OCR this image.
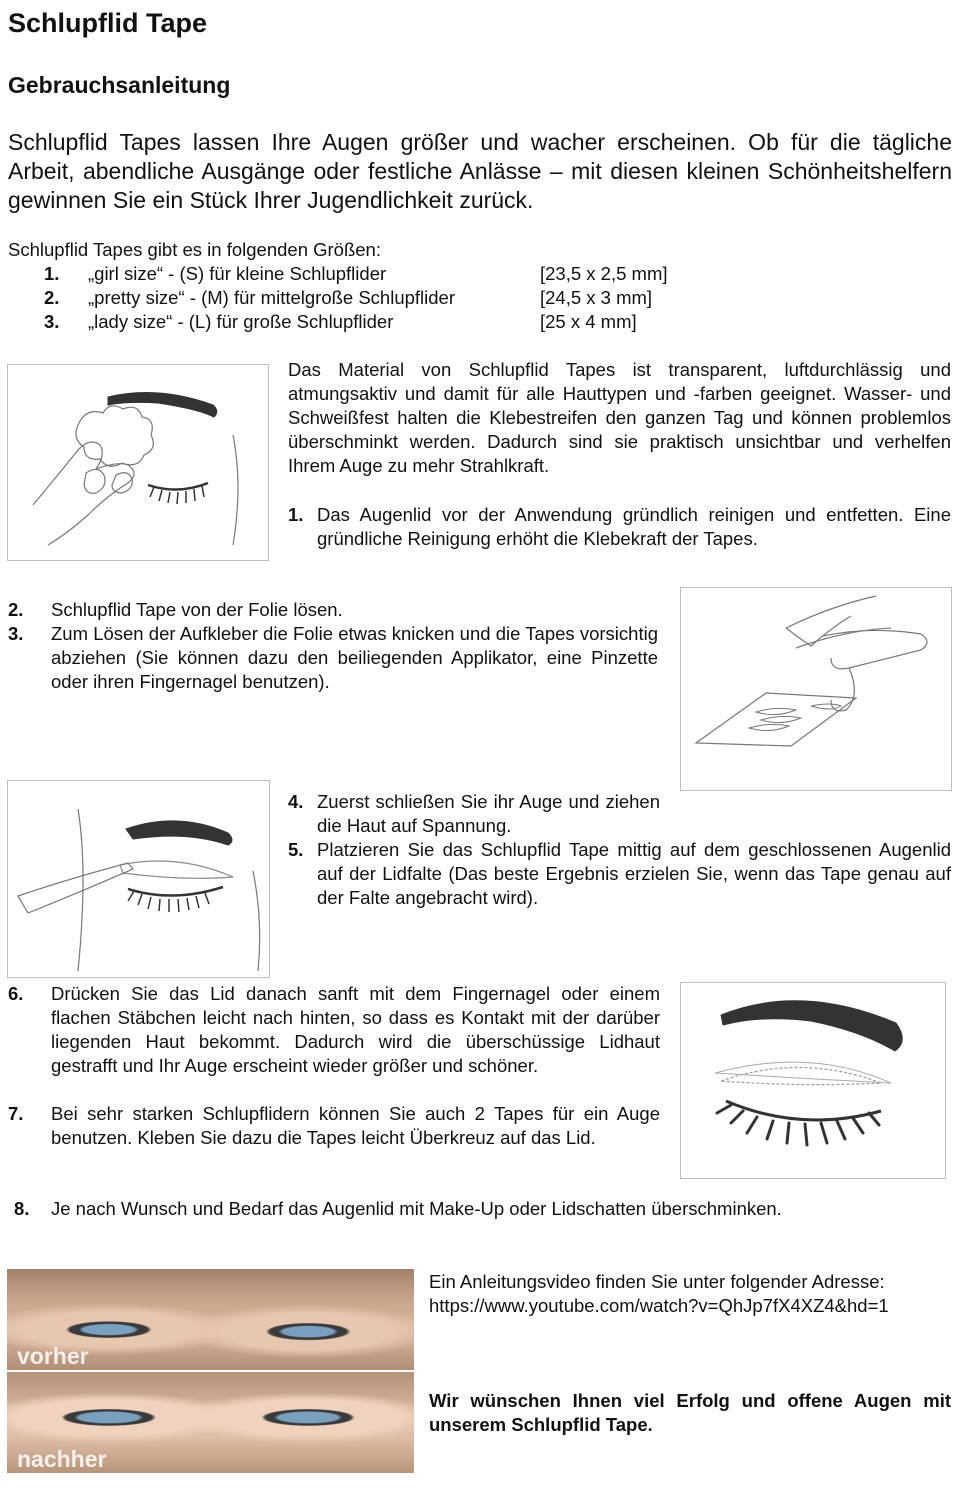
Schlupflid Tape
Gebrauchsanleitung
Schlupflid Tapes lassen Ihre Augen größer und wacher erscheinen. Ob für die tägliche Arbeit, abendliche Ausgänge oder festliche Anlässe – mit diesen kleinen Schönheitshelfern gewinnen Sie ein Stück Ihrer Jugendlichkeit zurück.
Schlupflid Tapes gibt es in folgenden Größen:
1.	„girl size“ - (S) für kleine Schlupflider	[23,5 x 2,5 mm]
2.	„pretty size“ - (M) für mittelgroße Schlupflider	[24,5 x 3 mm]
3.	„lady size“ - (L) für große Schlupflider	[25 x 4 mm]
Das Material von Schlupflid Tapes ist transparent, luftdurchlässig und atmungsaktiv und damit für alle Hauttypen und -farben geeignet. Wasser- und Schweißfest halten die Klebestreifen den ganzen Tag und können problemlos überschminkt werden. Dadurch sind sie praktisch unsichtbar und verhelfen Ihrem Auge zu mehr Strahlkraft.
1. Das Augenlid vor der Anwendung gründlich reinigen und entfetten. Eine gründliche Reinigung erhöht die Klebekraft der Tapes.
2. Schlupflid Tape von der Folie lösen.
3. Zum Lösen der Aufkleber die Folie etwas knicken und die Tapes vorsichtig abziehen (Sie können dazu den beiliegenden Applikator, eine Pinzette oder ihren Fingernagel benutzen).
4. Zuerst schließen Sie ihr Auge und ziehen die Haut auf Spannung.
5. Platzieren Sie das Schlupflid Tape mittig auf dem geschlossenen Augenlid auf der Lidfalte (Das beste Ergebnis erzielen Sie, wenn das Tape genau auf der Falte angebracht wird).
6. Drücken Sie das Lid danach sanft mit dem Fingernagel oder einem flachen Stäbchen leicht nach hinten, so dass es Kontakt mit der darüber liegenden Haut bekommt. Dadurch wird die überschüssige Lidhaut gestrafft und Ihr Auge erscheint wieder größer und schöner.
7. Bei sehr starken Schlupflidern können Sie auch 2 Tapes für ein Auge benutzen. Kleben Sie dazu die Tapes leicht Überkreuz auf das Lid.
8. Je nach Wunsch und Bedarf das Augenlid mit Make-Up oder Lidschatten überschminken.
vorher
nachher
Ein Anleitungsvideo finden Sie unter folgender Adresse:
https://www.youtube.com/watch?v=QhJp7fX4XZ4&hd=1
Wir wünschen Ihnen viel Erfolg und offene Augen mit unserem Schlupflid Tape.
